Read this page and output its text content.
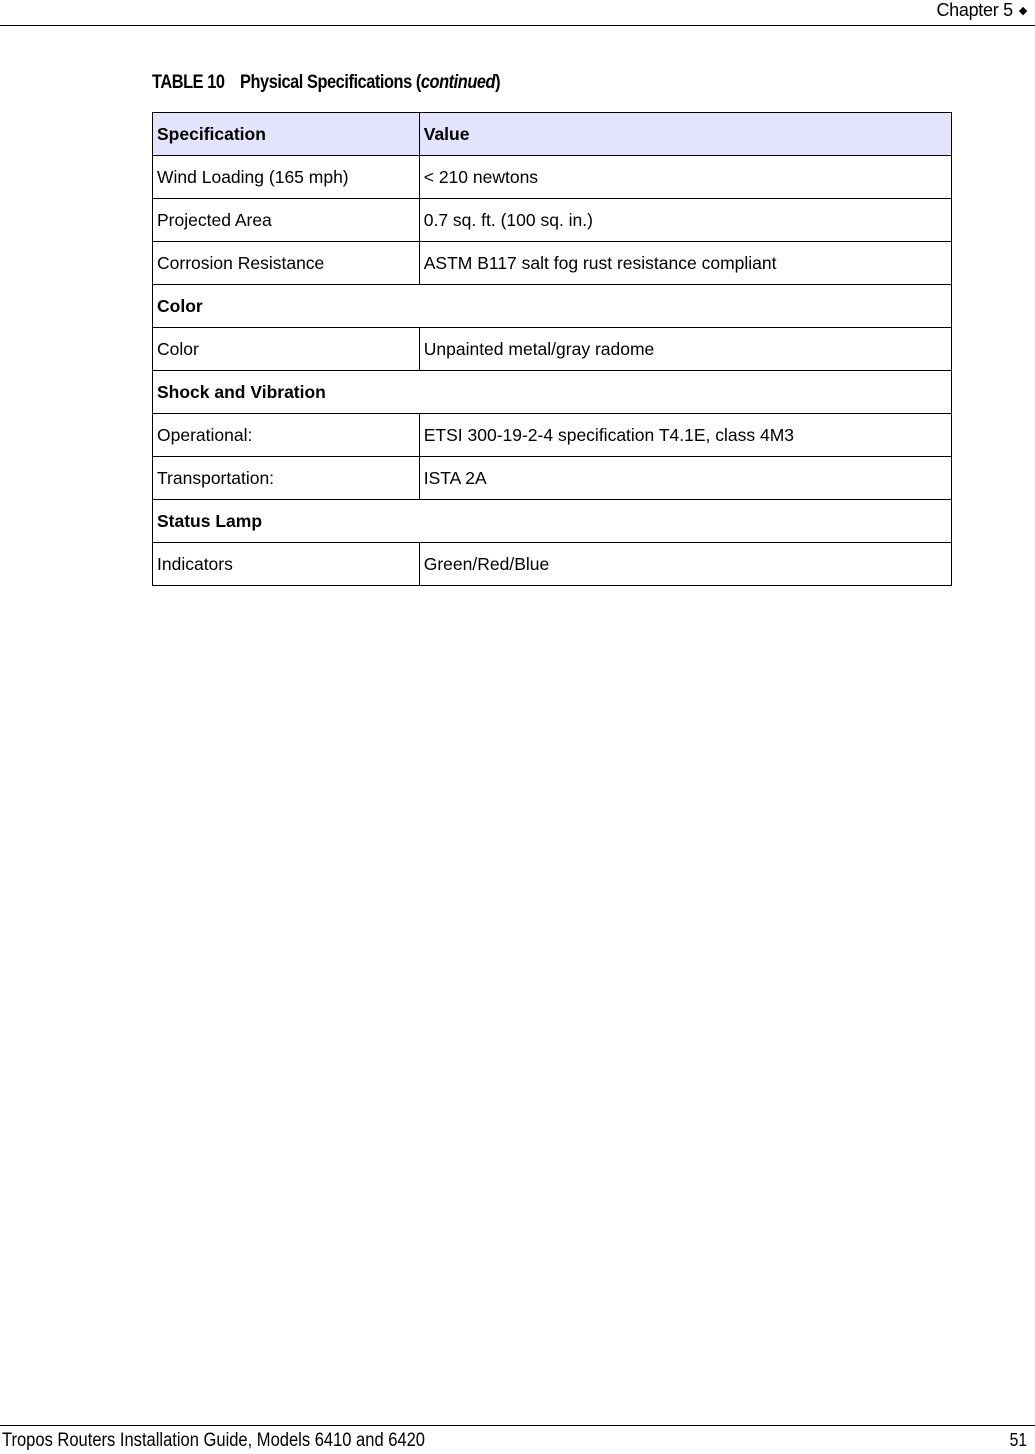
Chapter 5 ◆
TABLE 10 Physical Specifications (continued)
Specification	Value
Wind Loading (165 mph)	< 210 newtons
Projected Area	0.7 sq. ft. (100 sq. in.)
Corrosion Resistance	ASTM B117 salt fog rust resistance compliant
Color	
Color	Unpainted metal/gray radome
Shock and Vibration	
Operational:	ETSI 300-19-2-4 specification T4.1E, class 4M3
Transportation:	ISTA 2A
Status Lamp	
Indicators	Green/Red/Blue
Tropos Routers Installation Guide, Models 6410 and 6420	51
